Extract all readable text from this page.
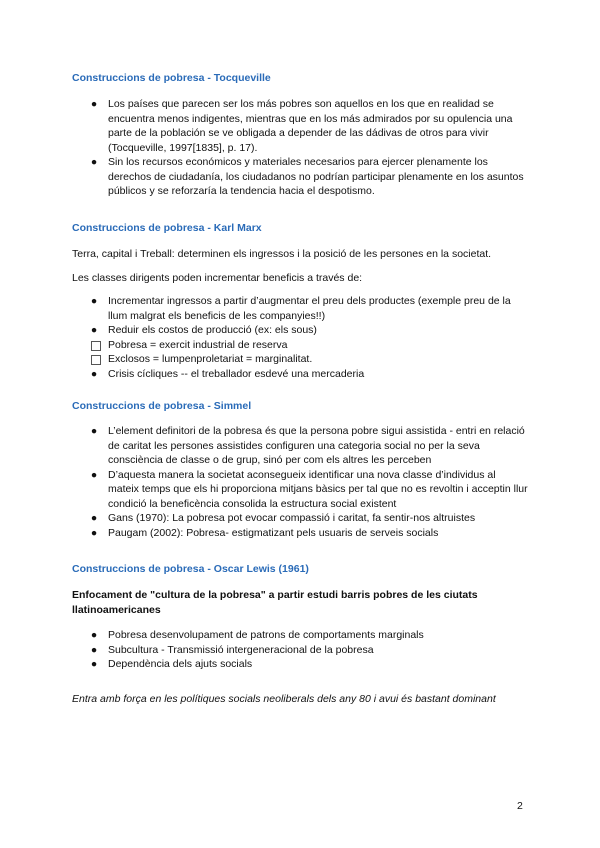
Construccions de pobresa - Tocqueville
● Los países que parecen ser los más pobres son aquellos en los que en realidad se encuentra menos indigentes, mientras que en los más admirados por su opulencia una parte de la población se ve obligada a depender de las dádivas de otros para vivir (Tocqueville, 1997[1835], p. 17).
● Sin los recursos económicos y materiales necesarios para ejercer plenamente los derechos de ciudadanía, los ciudadanos no podrían participar plenamente en los asuntos públicos y se reforzaría la tendencia hacia el despotismo.
Construccions de pobresa - Karl Marx
Terra, capital i Treball: determinen els ingressos i la posició de les persones en la societat.
Les classes dirigents poden incrementar beneficis a través de:
● Incrementar ingressos a partir d’augmentar el preu dels productes (exemple preu de la llum malgrat els beneficis de les companyies!!)
● Reduir els costos de producció (ex: els sous)
Pobresa = exercit industrial de reserva
Exclosos = lumpenproletariat = marginalitat.
● Crisis cícliques -- el treballador esdevé una mercaderia
Construccions de pobresa - Simmel
● L’element definitori de la pobresa és que la persona pobre sigui assistida - entri en relació de caritat les persones assistides configuren una categoria social no per la seva consciència de classe o de grup, sinó per com els altres les perceben
● D’aquesta manera la societat aconsegueix identificar una nova classe d’individus al mateix temps que els hi proporciona mitjans bàsics per tal que no es revoltin i acceptin llur condició la beneficència consolida la estructura social existent
● Gans (1970): La pobresa pot evocar compassió i caritat, fa sentir-nos altruistes
● Paugam (2002): Pobresa- estigmatizant pels usuaris de serveis socials
Construccions de pobresa - Oscar Lewis (1961)
Enfocament de "cultura de la pobresa" a partir estudi barris pobres de les ciutats llatinoamericanes
● Pobresa desenvolupament de patrons de comportaments marginals
● Subcultura - Transmissió intergeneracional de la pobresa
● Dependència dels ajuts socials
Entra amb força en les polítiques socials neoliberals dels any 80 i avui és bastant dominant
2
